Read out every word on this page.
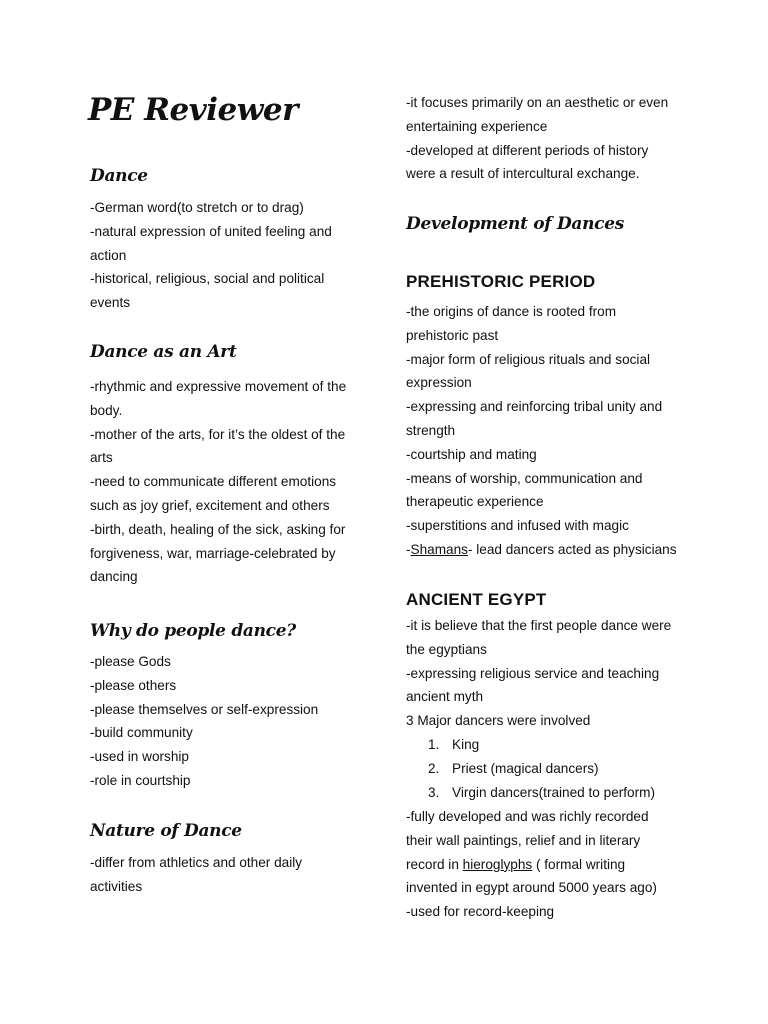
PE Reviewer
Dance
-German word(to stretch or to drag)
-natural expression of united feeling and
action
-historical, religious, social and political
events
Dance as an Art
-rhythmic and expressive movement of the
body.
-mother of the arts, for it’s the oldest of the
arts
-need to communicate different emotions
such as joy grief, excitement and others
-birth, death, healing of the sick, asking for
forgiveness, war, marriage-celebrated by
dancing
Why do people dance?
-please Gods
-please others
-please themselves or self-expression
-build community
-used in worship
-role in courtship
Nature of Dance
-differ from athletics and other daily
activities
-it focuses primarily on an aesthetic or even
entertaining experience
-developed at different periods of history
were a result of intercultural exchange.
Development of Dances
PREHISTORIC PERIOD
-the origins of dance is rooted from
prehistoric past
-major form of religious rituals and social
expression
-expressing and reinforcing tribal unity and
strength
-courtship and mating
-means of worship, communication and
therapeutic experience
-superstitions and infused with magic
-Shamans- lead dancers acted as physicians
ANCIENT EGYPT
-it is believe that the first people dance were
the egyptians
-expressing religious service and teaching
ancient myth
3 Major dancers were involved
1. King
2. Priest (magical dancers)
3. Virgin dancers(trained to perform)
-fully developed and was richly recorded
their wall paintings, relief and in literary
record in hieroglyphs ( formal writing
invented in egypt around 5000 years ago)
-used for record-keeping
